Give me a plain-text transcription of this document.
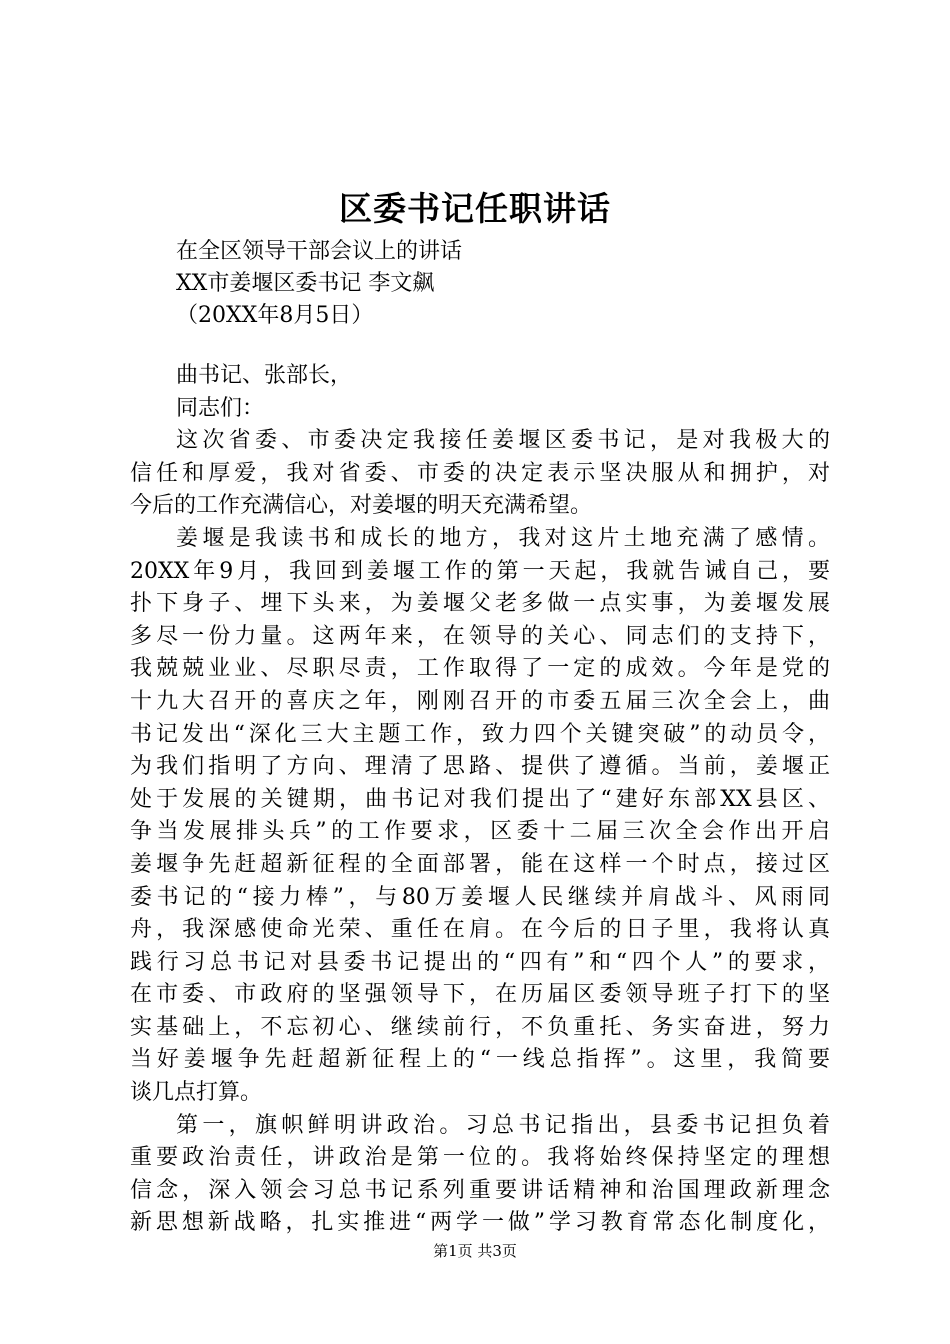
区委书记任职讲话
在全区领导干部会议上的讲话
XX市姜堰区委书记 李文飙
（20XX年8月5日）
曲书记、张部长，
同志们：
这次省委、市委决定我接任姜堰区委书记，是对我极大的
信任和厚爱，我对省委、市委的决定表示坚决服从和拥护，对
今后的工作充满信心，对姜堰的明天充满希望。
姜堰是我读书和成长的地方，我对这片土地充满了感情。
20XX年9月，我回到姜堰工作的第一天起，我就告诫自己，要
扑下身子、埋下头来，为姜堰父老多做一点实事，为姜堰发展
多尽一份力量。这两年来，在领导的关心、同志们的支持下，
我兢兢业业、尽职尽责，工作取得了一定的成效。今年是党的
十九大召开的喜庆之年，刚刚召开的市委五届三次全会上，曲
书记发出“深化三大主题工作，致力四个关键突破”的动员令，
为我们指明了方向、理清了思路、提供了遵循。当前，姜堰正
处于发展的关键期，曲书记对我们提出了“建好东部XX县区、
争当发展排头兵”的工作要求，区委十二届三次全会作出开启
姜堰争先赶超新征程的全面部署，能在这样一个时点，接过区
委书记的“接力棒”，与80万姜堰人民继续并肩战斗、风雨同
舟，我深感使命光荣、重任在肩。在今后的日子里，我将认真
践行习总书记对县委书记提出的“四有”和“四个人”的要求，
在市委、市政府的坚强领导下，在历届区委领导班子打下的坚
实基础上，不忘初心、继续前行，不负重托、务实奋进，努力
当好姜堰争先赶超新征程上的“一线总指挥”。这里，我简要
谈几点打算。
第一，旗帜鲜明讲政治。习总书记指出，县委书记担负着
重要政治责任，讲政治是第一位的。我将始终保持坚定的理想
信念，深入领会习总书记系列重要讲话精神和治国理政新理念
新思想新战略，扎实推进“两学一做”学习教育常态化制度化，
第1页 共3页
